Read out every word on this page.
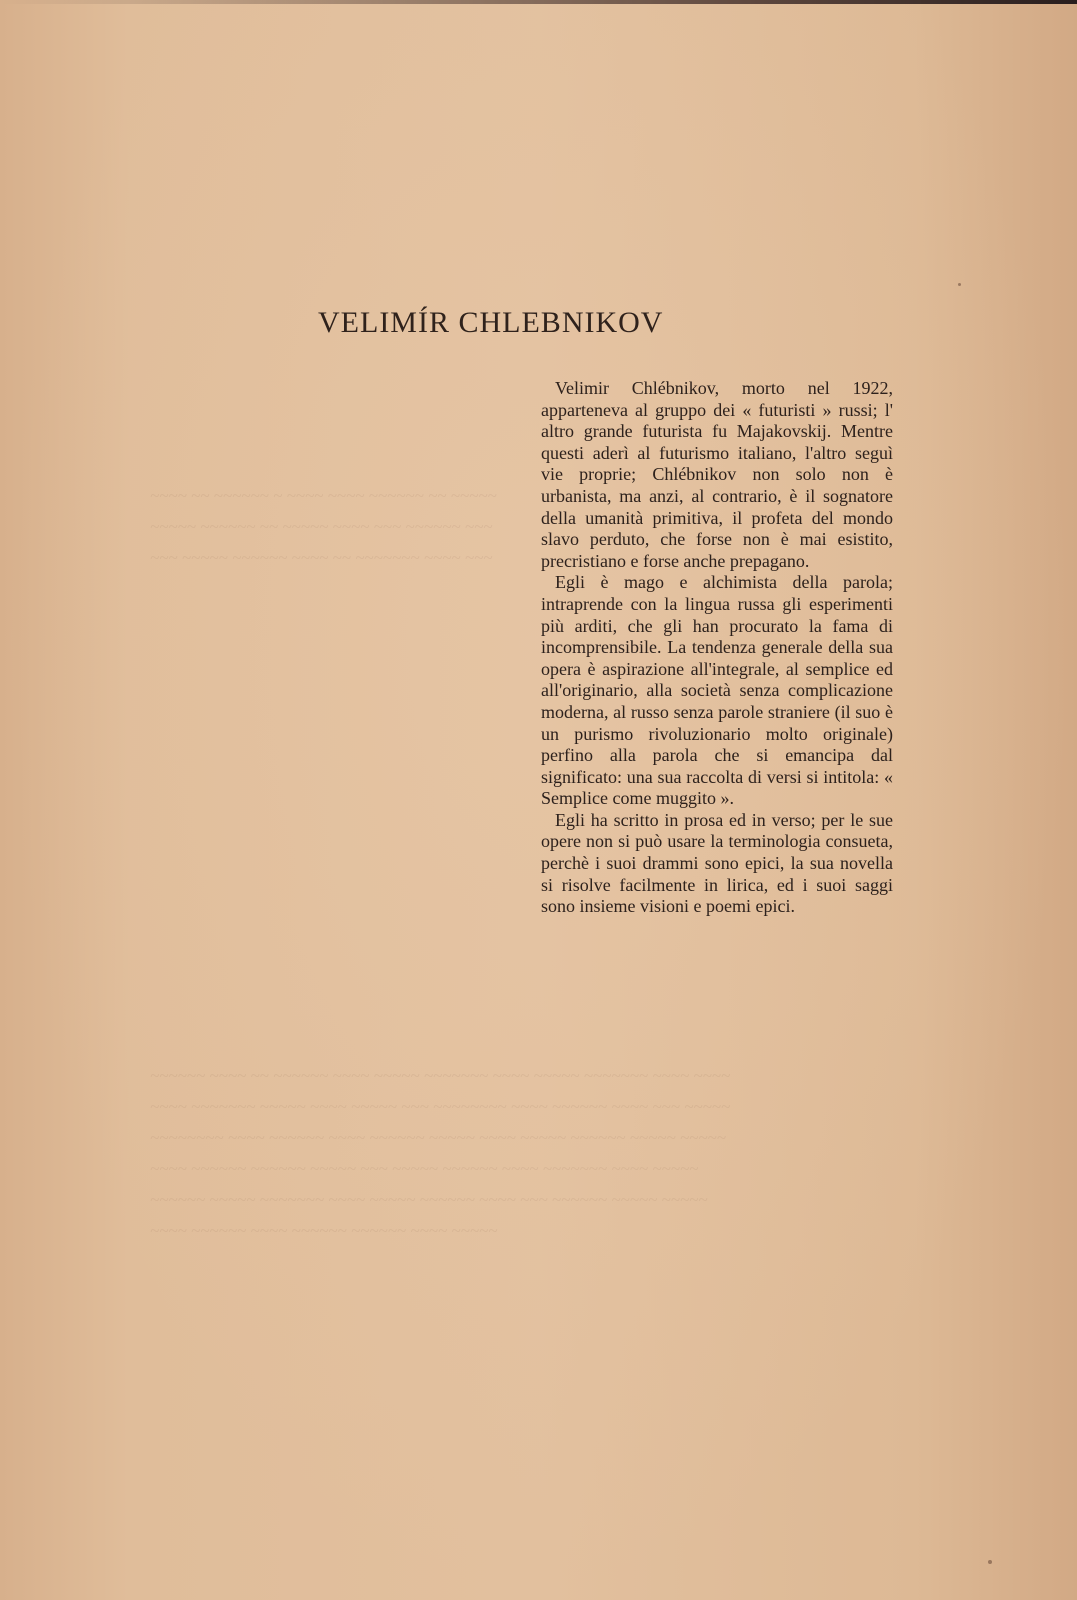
~~~~ ~~ ~~~~~~ ~ ~~~~ ~~~~ ~~~~~~ ~~ ~~~~~
~~~~~ ~~~~~~ ~~ ~~~~~ ~~~~ ~~~ ~~~~~~ ~~~
~~~ ~~~~~ ~~~~~~ ~~~~ ~~ ~~~~~~~ ~~~~ ~~~
~~~~~~ ~~~~ ~~ ~~~~~~ ~~~~ ~~~~~ ~~~~~~~ ~~~~ ~~~~~ ~~~~~~~ ~~~~ ~~~~
~~~~ ~~~~~~~ ~~~~~ ~~~~ ~~~~~ ~~~ ~~~~~~~~ ~~~~ ~~~~~~ ~~~~ ~~~ ~~~~~
~~~~~~~~ ~~~~ ~~~~~~ ~~~~ ~~~~~~ ~~~~~ ~~~~ ~~~~~ ~~~~~~ ~~~~~ ~~~~~
~~~~ ~~~~~~ ~~~~~~ ~~~~~ ~~~ ~~~~~ ~~~~~~ ~~~~ ~~~~~~~ ~~~~ ~~~~~
~~~~~~ ~~~~~ ~~~~~~~ ~~~~ ~~~~~ ~~~~~~ ~~~~ ~~~ ~~~~~~ ~~~~~ ~~~~~
~~~~ ~~~~~~ ~~~~ ~~~~~~ ~~~~~~ ~~~~ ~~~~~
VELIMÍR CHLEBNIKOV

Velimir Chlébnikov, morto nel 1922, apparteneva al gruppo dei « futuristi » russi; l' altro grande futurista fu Majakovskij. Mentre questi aderì al futurismo italiano, l'altro seguì vie proprie; Chlébnikov non solo non è urbanista, ma anzi, al contrario, è il sognatore della umanità primitiva, il profeta del mondo slavo perduto, che forse non è mai esistito, precristiano e forse anche prepagano.

Egli è mago e alchimista della parola; intraprende con la lingua russa gli esperimenti più arditi, che gli han procurato la fama di incomprensibile. La tendenza generale della sua opera è aspirazione all'integrale, al semplice ed all'originario, alla società senza complicazione moderna, al russo senza parole straniere (il suo è un purismo rivoluzionario molto originale) perfino alla parola che si emancipa dal significato: una sua raccolta di versi si intitola: « Semplice come muggito ».

Egli ha scritto in prosa ed in verso; per le sue opere non si può usare la terminologia consueta, perchè i suoi drammi sono epici, la sua novella si risolve facilmente in lirica, ed i suoi saggi sono insieme visioni e poemi epici.
